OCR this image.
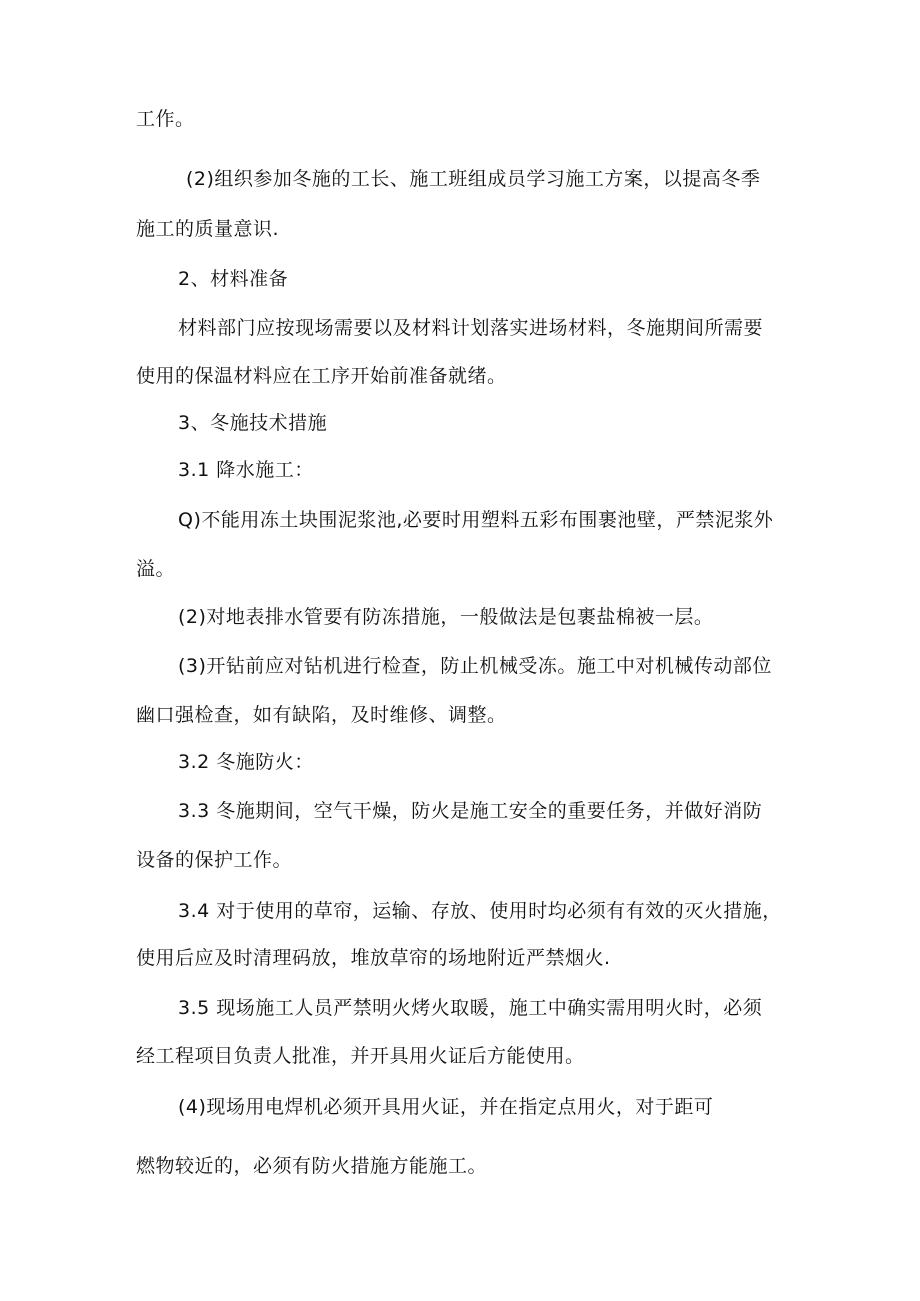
工作。
(2)组织参加冬施的工长、施工班组成员学习施工方案，以提高冬季
施工的质量意识.
2、材料准备
材料部门应按现场需要以及材料计划落实进场材料，冬施期间所需要
使用的保温材料应在工序开始前准备就绪。
3、冬施技术措施
3.1 降水施工：
Q)不能用冻土块围泥浆池,必要时用塑料五彩布围裹池壁，严禁泥浆外
溢。
(2)对地表排水管要有防冻措施，一般做法是包裹盐棉被一层。
(3)开钻前应对钻机进行检查，防止机械受冻。施工中对机械传动部位
幽口强检查，如有缺陷，及时维修、调整。
3.2 冬施防火：
3.3 冬施期间，空气干燥，防火是施工安全的重要任务，并做好消防
设备的保护工作。
3.4 对于使用的草帘，运输、存放、使用时均必须有有效的灭火措施，
使用后应及时清理码放，堆放草帘的场地附近严禁烟火.
3.5 现场施工人员严禁明火烤火取暖，施工中确实需用明火时，必须
经工程项目负责人批准，并开具用火证后方能使用。
(4)现场用电焊机必须开具用火证，并在指定点用火，对于距可
燃物较近的，必须有防火措施方能施工。
